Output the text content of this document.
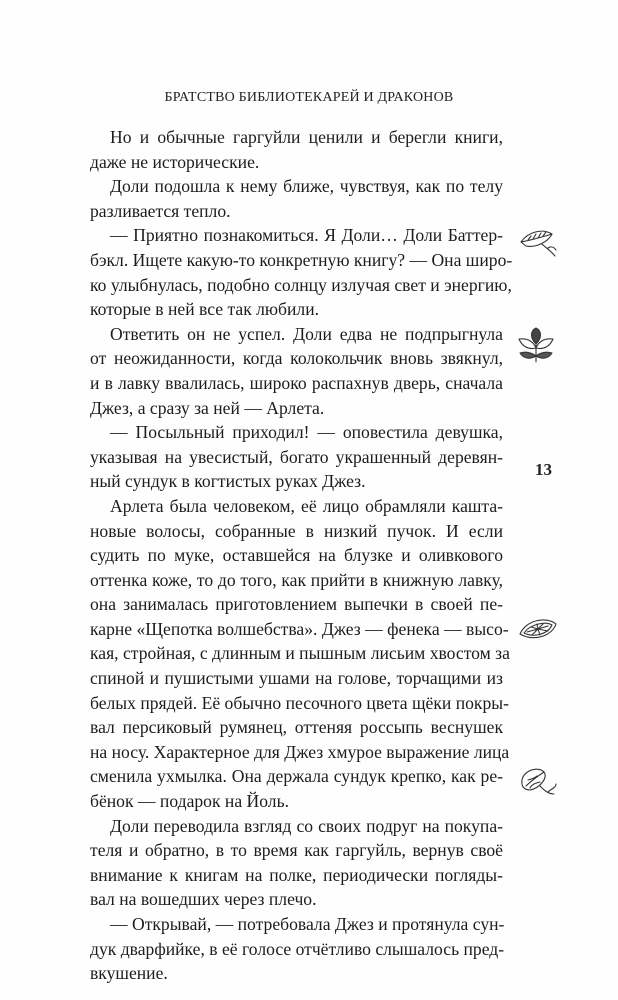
БРАТСТВО БИБЛИОТЕКАРЕЙ И ДРАКОНОВ
Но и обычные гаргуйли ценили и берегли книги,
даже не исторические.
Доли подошла к нему ближе, чувствуя, как по телу
разливается тепло.
— Приятно познакомиться. Я Доли… Доли Баттер-
бэкл. Ищете какую-то конкретную книгу? — Она широ-
ко улыбнулась, подобно солнцу излучая свет и энергию,
которые в ней все так любили.
Ответить он не успел. Доли едва не подпрыгнула
от неожиданности, когда колокольчик вновь звякнул,
и в лавку ввалилась, широко распахнув дверь, сначала
Джез, а сразу за ней — Арлета.
— Посыльный приходил! — оповестила девушка,
указывая на увесистый, богато украшенный деревян-
ный сундук в когтистых руках Джез.
Арлета была человеком, её лицо обрамляли кашта-
новые волосы, собранные в низкий пучок. И если
судить по муке, оставшейся на блузке и оливкового
оттенка коже, то до того, как прийти в книжную лавку,
она занималась приготовлением выпечки в своей пе-
карне «Щепотка волшебства». Джез — фенека — высо-
кая, стройная, с длинным и пышным лисьим хвостом за
спиной и пушистыми ушами на голове, торчащими из
белых прядей. Её обычно песочного цвета щёки покры-
вал персиковый румянец, оттеняя россыпь веснушек
на носу. Характерное для Джез хмурое выражение лица
сменила ухмылка. Она держала сундук крепко, как ре-
бёнок — подарок на Йоль.
Доли переводила взгляд со своих подруг на покупа-
теля и обратно, в то время как гаргуйль, вернув своё
внимание к книгам на полке, периодически погляды-
вал на вошедших через плечо.
— Открывай, — потребовала Джез и протянула сун-
дук дварфийке, в её голосе отчётливо слышалось пред-
вкушение.
13
